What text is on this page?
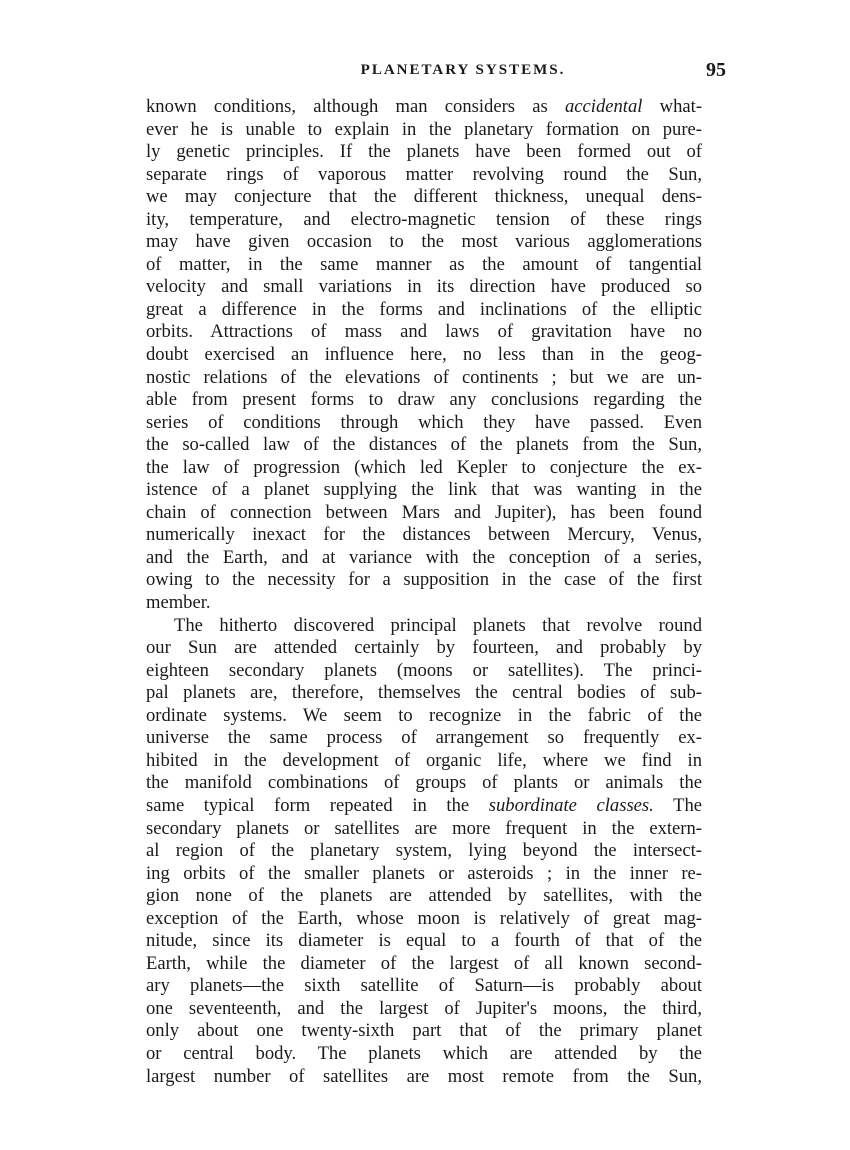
PLANETARY SYSTEMS.	95
known conditions, although man considers as accidental what-
ever he is unable to explain in the planetary formation on pure-
ly genetic principles. If the planets have been formed out of
separate rings of vaporous matter revolving round the Sun,
we may conjecture that the different thickness, unequal dens-
ity, temperature, and electro-magnetic tension of these rings
may have given occasion to the most various agglomerations
of matter, in the same manner as the amount of tangential
velocity and small variations in its direction have produced so
great a difference in the forms and inclinations of the elliptic
orbits. Attractions of mass and laws of gravitation have no
doubt exercised an influence here, no less than in the geog-
nostic relations of the elevations of continents ; but we are un-
able from present forms to draw any conclusions regarding the
series of conditions through which they have passed. Even
the so-called law of the distances of the planets from the Sun,
the law of progression (which led Kepler to conjecture the ex-
istence of a planet supplying the link that was wanting in the
chain of connection between Mars and Jupiter), has been found
numerically inexact for the distances between Mercury, Venus,
and the Earth, and at variance with the conception of a series,
owing to the necessity for a supposition in the case of the first
member.
The hitherto discovered principal planets that revolve round
our Sun are attended certainly by fourteen, and probably by
eighteen secondary planets (moons or satellites). The princi-
pal planets are, therefore, themselves the central bodies of sub-
ordinate systems. We seem to recognize in the fabric of the
universe the same process of arrangement so frequently ex-
hibited in the development of organic life, where we find in
the manifold combinations of groups of plants or animals the
same typical form repeated in the subordinate classes. The
secondary planets or satellites are more frequent in the extern-
al region of the planetary system, lying beyond the intersect-
ing orbits of the smaller planets or asteroids ; in the inner re-
gion none of the planets are attended by satellites, with the
exception of the Earth, whose moon is relatively of great mag-
nitude, since its diameter is equal to a fourth of that of the
Earth, while the diameter of the largest of all known second-
ary planets—the sixth satellite of Saturn—is probably about
one seventeenth, and the largest of Jupiter's moons, the third,
only about one twenty-sixth part that of the primary planet
or central body. The planets which are attended by the
largest number of satellites are most remote from the Sun,
